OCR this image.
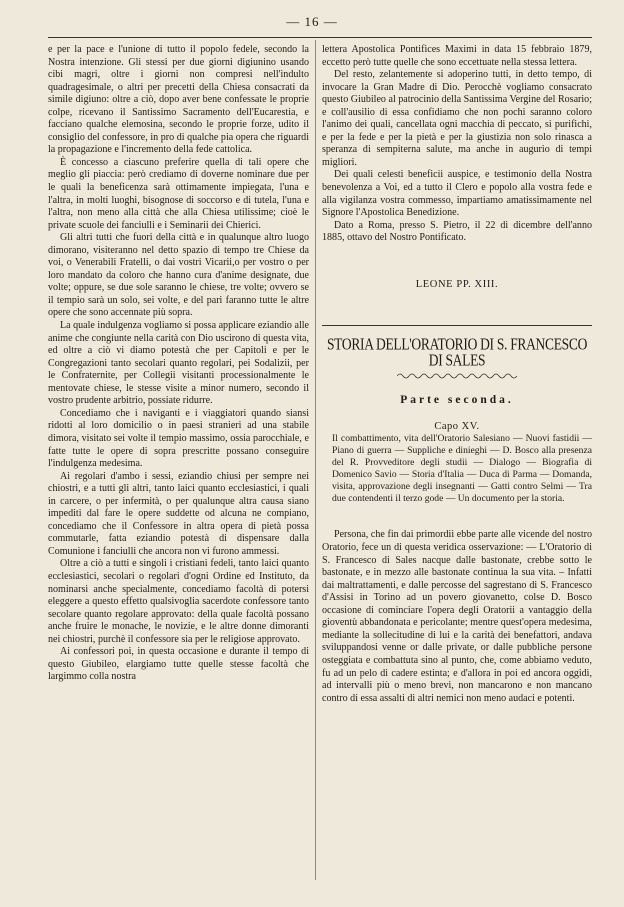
— 16 —

e per la pace e l'unione di tutto il popolo fedele, secondo la Nostra intenzione. Gli stessi per due giorni digiunino usando cibi magri, oltre i giorni non compresi nell'indulto quadragesimale, o altri per precetti della Chiesa consacrati da simile digiuno: oltre a ciò, dopo aver bene confessate le proprie colpe, ricevano il Santissimo Sacramento dell'Eucarestia, e facciano qualche elemosina, secondo le proprie forze, udito il consiglio del confessore, in pro di qualche pia opera che riguardi la propagazione e l'incremento della fede cattolica.

È concesso a ciascuno preferire quella di tali opere che meglio gli piaccia: però crediamo di doverne nominare due per le quali la beneficenza sarà ottimamente impiegata, l'una e l'altra, in molti luoghi, bisognose di soccorso e di tutela, l'una e l'altra, non meno alla città che alla Chiesa utilissime; cioè le private scuole dei fanciulli e i Seminarii dei Chierici.

Gli altri tutti che fuori della città e in qualunque altro luogo dimorano, visiteranno nel detto spazio di tempo tre Chiese da voi, o Venerabili Fratelli, o dai vostri Vicarii,o per vostro o per loro mandato da coloro che hanno cura d'anime designate, due volte; oppure, se due sole saranno le chiese, tre volte; ovvero se il tempio sarà un solo, sei volte, e del pari faranno tutte le altre opere che sono accennate più sopra.

La quale indulgenza vogliamo si possa applicare eziandio alle anime che congiunte nella carità con Dio uscirono di questa vita, ed oltre a ciò vi diamo potestà che per Capitoli e per le Congregazioni tanto secolari quanto regolari, pei Sodalizii, per le Confraternite, per Collegii visitanti processionalmente le mentovate chiese, le stesse visite a minor numero, secondo il vostro prudente arbitrio, possiate ridurre.

Concediamo che i naviganti e i viaggiatori quando siansi ridotti al loro domicilio o in paesi stranieri ad una stabile dimora, visitato sei volte il tempio massimo, ossia parocchiale, e fatte tutte le opere di sopra prescritte possano conseguire l'indulgenza medesima.

Ai regolari d'ambo i sessi, eziandio chiusi per sempre nei chiostri, e a tutti gli altri, tanto laici quanto ecclesiastici, i quali in carcere, o per infermità, o per qualunque altra causa siano impediti dal fare le opere suddette od alcuna ne compiano, concediamo che il Confessore in altra opera di pietà possa commutarle, fatta eziandio potestà di dispensare dalla Comunione i fanciulli che ancora non vi furono ammessi.

Oltre a ciò a tutti e singoli i cristiani fedeli, tanto laici quanto ecclesiastici, secolari o regolari d'ogni Ordine ed Instituto, da nominarsi anche specialmente, concediamo facoltà di potersi eleggere a questo effetto qualsivoglia sacerdote confessore tanto secolare quanto regolare approvato: della quale facoltà possano anche fruire le monache, le novizie, e le altre donne dimoranti nei chiostri, purchè il confessore sia per le religiose approvato.

Ai confessori poi, in questa occasione e durante il tempo di questo Giubileo, elargiamo tutte quelle stesse facoltà che largimmo colla nostra

lettera Apostolica Pontifices Maximi in data 15 febbraio 1879, eccetto però tutte quelle che sono eccettuate nella stessa lettera.

Del resto, zelantemente si adoperino tutti, in detto tempo, di invocare la Gran Madre di Dio. Perocchè vogliamo consacrato questo Giubileo al patrocinio della Santissima Vergine del Rosario; e coll'ausilio di essa confidiamo che non pochi saranno coloro l'animo dei quali, cancellata ogni macchia di peccato, si purifichi, e per la fede e per la pietà e per la giustizia non solo rinasca a speranza di sempiterna salute, ma anche in augurio di tempi migliori.

Dei quali celesti beneficii auspice, e testimonio della Nostra benevolenza a Voi, ed a tutto il Clero e popolo alla vostra fede e alla vigilanza vostra commesso, impartiamo amatissimamente nel Signore l'Apostolica Benedizione.

Dato a Roma, presso S. Pietro, il 22 di dicembre dell'anno 1885, ottavo del Nostro Pontificato.

LEONE PP. XIII.
STORIA DELL'ORATORIO DI S. FRANCESCO DI SALES
Parte seconda.
Capo XV.

Il combattimento, vita dell'Oratorio Salesiano — Nuovi fastidii — Piano di guerra — Suppliche e dinieghi — D. Bosco alla presenza del R. Provveditore degli studii — Dialogo — Biografia di Domenico Savio — Storia d'Italia — Duca di Parma — Domanda, visita, approvazione degli insegnanti — Gatti contro Selmi — Tra due contendenti il terzo gode — Un documento per la storia.

Persona, che fin dai primordii ebbe parte alle vicende del nostro Oratorio, fece un di questa veridica osservazione: — L'Oratorio di S. Francesco di Sales nacque dalle bastonate, crebbe sotto le bastonate, e in mezzo alle bastonate continua la sua vita. – Infatti dai maltrattamenti, e dalle percosse del sagrestano di S. Francesco d'Assisi in Torino ad un povero giovanetto, colse D. Bosco occasione di cominciare l'opera degli Oratorii a vantaggio della gioventù abbandonata e pericolante; mentre quest'opera medesima, mediante la sollecitudine di lui e la carità dei benefattori, andava sviluppandosi venne or dalle private, or dalle pubbliche persone osteggiata e combattuta sino al punto, che, come abbiamo veduto, fu ad un pelo di cadere estinta; e d'allora in poi ed ancora oggidì, ad intervalli più o meno brevi, non mancarono e non mancano contro di essa assalti di altri nemici non meno audaci e potenti.
